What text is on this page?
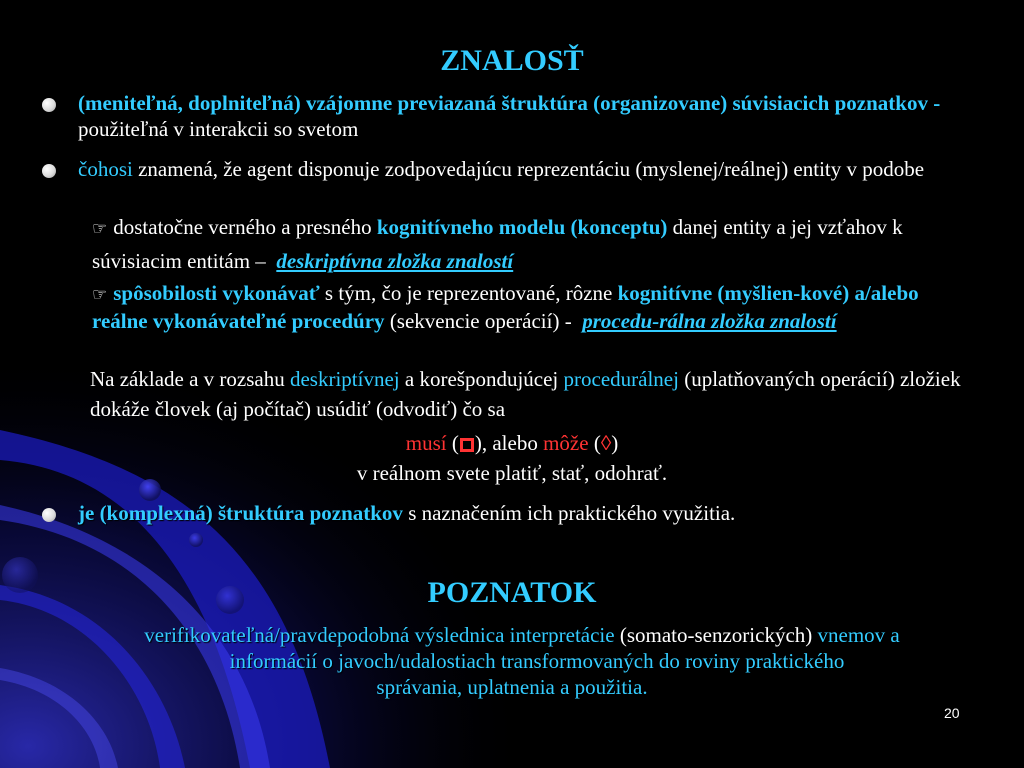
ZNALOSŤ
(meniteľná, doplniteľná) vzájomne previazaná štruktúra (organizovane) súvisiacich poznatkov - použiteľná v interakcii so svetom
čohosi znamená, že agent disponuje zodpovedajúcu reprezentáciu (myslenej/reálnej) entity v podobe
☞ dostatočne verného a presného kognitívneho modelu (konceptu) danej entity a jej vzťahov k súvisiacim entitám –  deskriptívna zložka znalostí
☞ spôsobilosti vykonávať s tým, čo je reprezentované, rôzne kognitívne (myšlien-kové) a/alebo reálne vykonávateľné procedúry (sekvencie operácií) -  procedu-rálna zložka znalostí
Na základe a v rozsahu deskriptívnej a korešpondujúcej procedurálnej (uplatňovaných operácií) zložiek dokáže človek (aj počítač) usúdiť (odvodiť) čo sa
musí ( ), alebo môže (◊)
v reálnom svete platiť, stať, odohrať.
je (komplexná) štruktúra poznatkov s naznačením ich praktického využitia.
POZNATOK
verifikovateľná/pravdepodobná výslednica interpretácie (somato-senzorických) vnemov a
informácií o javoch/udalostiach transformovaných do roviny praktického
správania, uplatnenia a použitia.
20
